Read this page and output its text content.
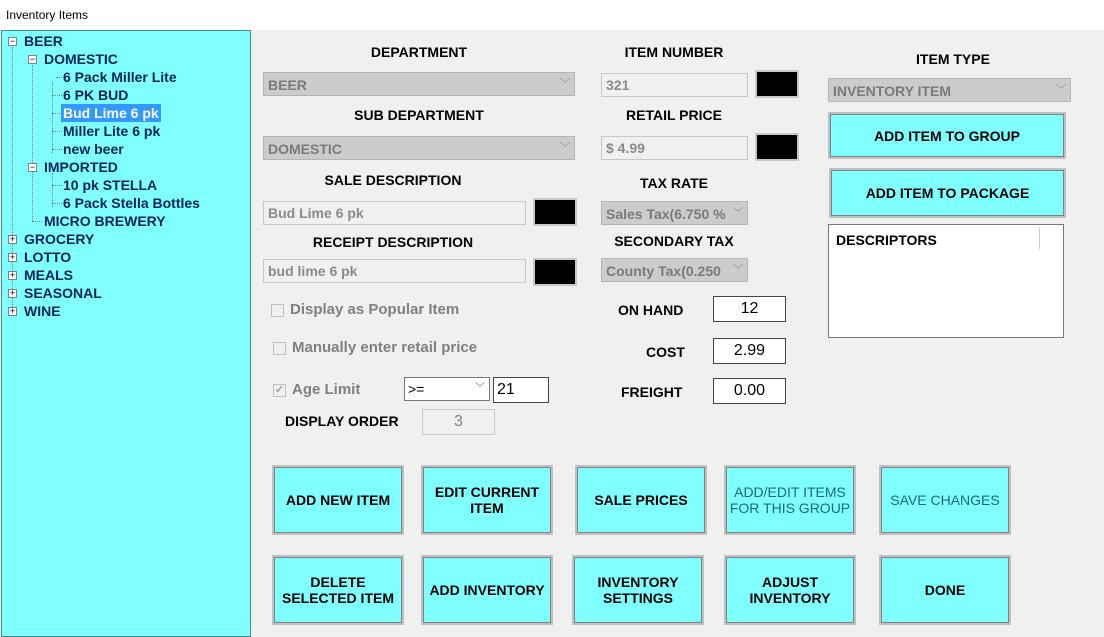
Inventory Items
− BEER
− DOMESTIC
6 Pack Miller Lite
6 PK BUD
Bud Lime 6 pk
Miller Lite 6 pk
new beer
− IMPORTED
10 pk STELLA
6 Pack Stella Bottles
MICRO BREWERY
+ GROCERY
+ LOTTO
+ MEALS
+ SEASONAL
+ WINE
DEPARTMENT
BEER	﹀
SUB DEPARTMENT
DOMESTIC	﹀
SALE DESCRIPTION
Bud Lime 6 pk
RECEIPT DESCRIPTION
bud lime 6 pk
Display as Popular Item
Manually enter retail price
✓ Age Limit	>=	﹀ 21
DISPLAY ORDER	3
ITEM NUMBER
321
RETAIL PRICE
$ 4.99
TAX RATE
Sales Tax(6.750 % ﹀
SECONDARY TAX
County Tax(0.250 ﹀
ON HAND	12
COST	2.99
FREIGHT	0.00
ITEM TYPE
INVENTORY ITEM	﹀
ADD ITEM TO GROUP
ADD ITEM TO PACKAGE
DESCRIPTORS
ADD NEW ITEM	EDIT CURRENT ITEM	SALE PRICES	ADD/EDIT ITEMS FOR THIS GROUP	SAVE CHANGES
DELETE SELECTED ITEM	ADD INVENTORY	INVENTORY SETTINGS
ADJUST INVENTORY	DONE
